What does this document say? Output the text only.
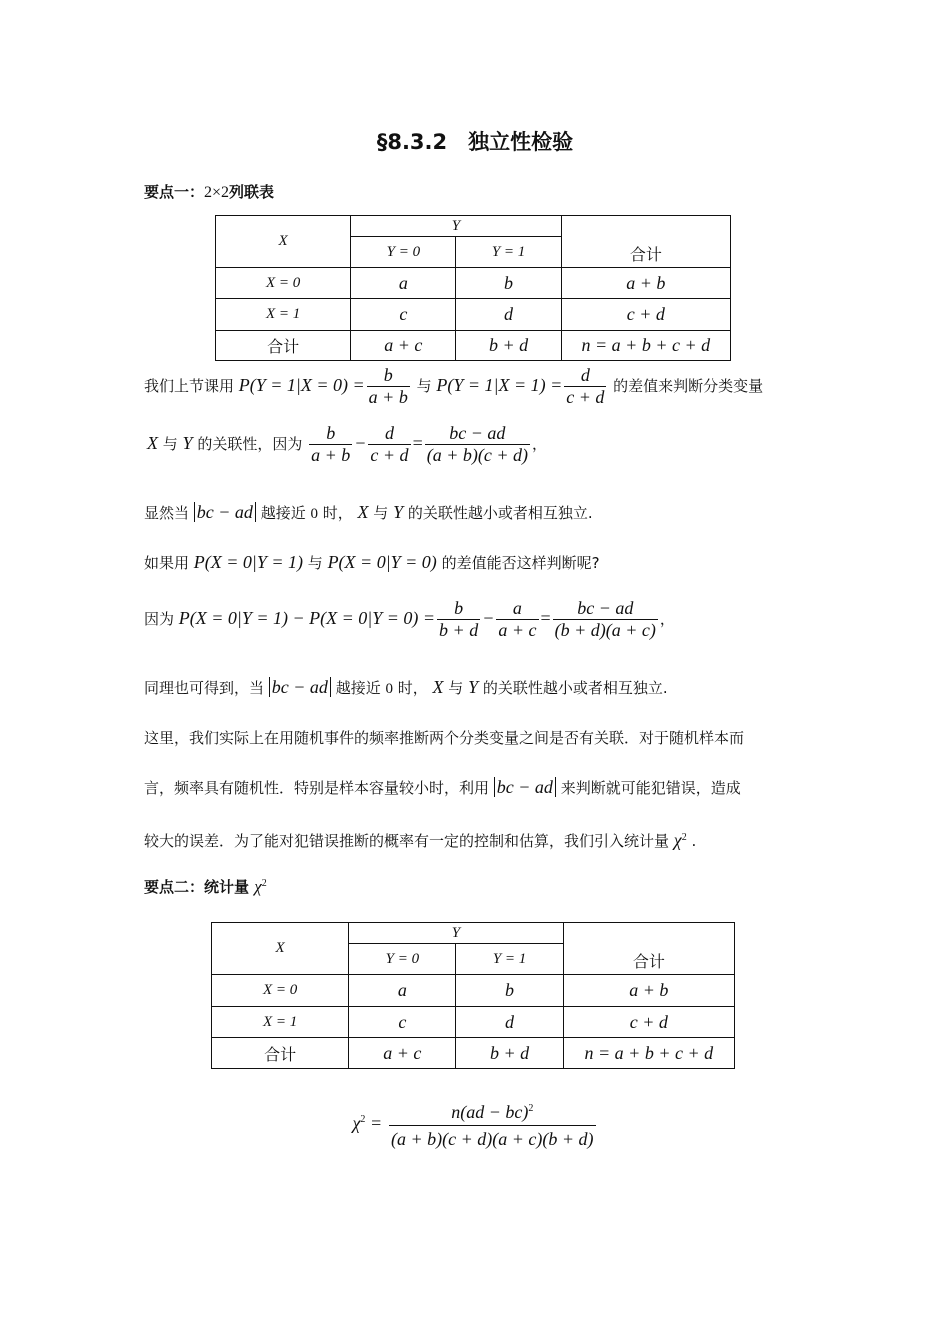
§8.3.2　独立性检验
要点一：2×2列联表
X	Y		合计
	Y = 0	Y = 1	
X = 0	a	b	a + b
X = 1	c	d	c + d
合计	a + c	b + d	n = a + b + c + d
我们上节课用 $P(Y = 1|X = 0) = \frac{b}{a + b}$ 与 $P(Y = 1|X = 1) = \frac{d}{c + d}$ 的差值来判断分类变量
X 与 Y 的关联性，因为 $\frac{b}{a + b} - \frac{d}{c + d} = \frac{bc - ad}{(a + b)(c + d)}$ ，
显然当 bc − ad 越接近 0 时， X 与 Y 的关联性越小或者相互独立.
如果用 P(X = 0|Y = 1) 与 P(X = 0|Y = 0) 的差值能否这样判断呢?
因为 $P(X = 0|Y = 1) - P(X = 0|Y = 0) = \frac{b}{b + d} - \frac{a}{a + c} = \frac{bc - ad}{(b + d)(a + c)}$ ，
同理也可得到，当 bc − ad 越接近 0 时， X 与 Y 的关联性越小或者相互独立.
这里，我们实际上在用随机事件的频率推断两个分类变量之间是否有关联．对于随机样本而
言，频率具有随机性．特别是样本容量较小时，利用 bc − ad 来判断就可能犯错误，造成
较大的误差．为了能对犯错误推断的概率有一定的控制和估算，我们引入统计量 $\chi^2$ .
要点二：统计量 $\chi^2$
X	Y		合计
	Y = 0	Y = 1	
X = 0	a	b	a + b
X = 1	c	d	c + d
合计	a + c	b + d	n = a + b + c + d
$\chi^2 = \frac{n(ad - bc)^2}{(a + b)(c + d)(a + c)(b + d)}$
